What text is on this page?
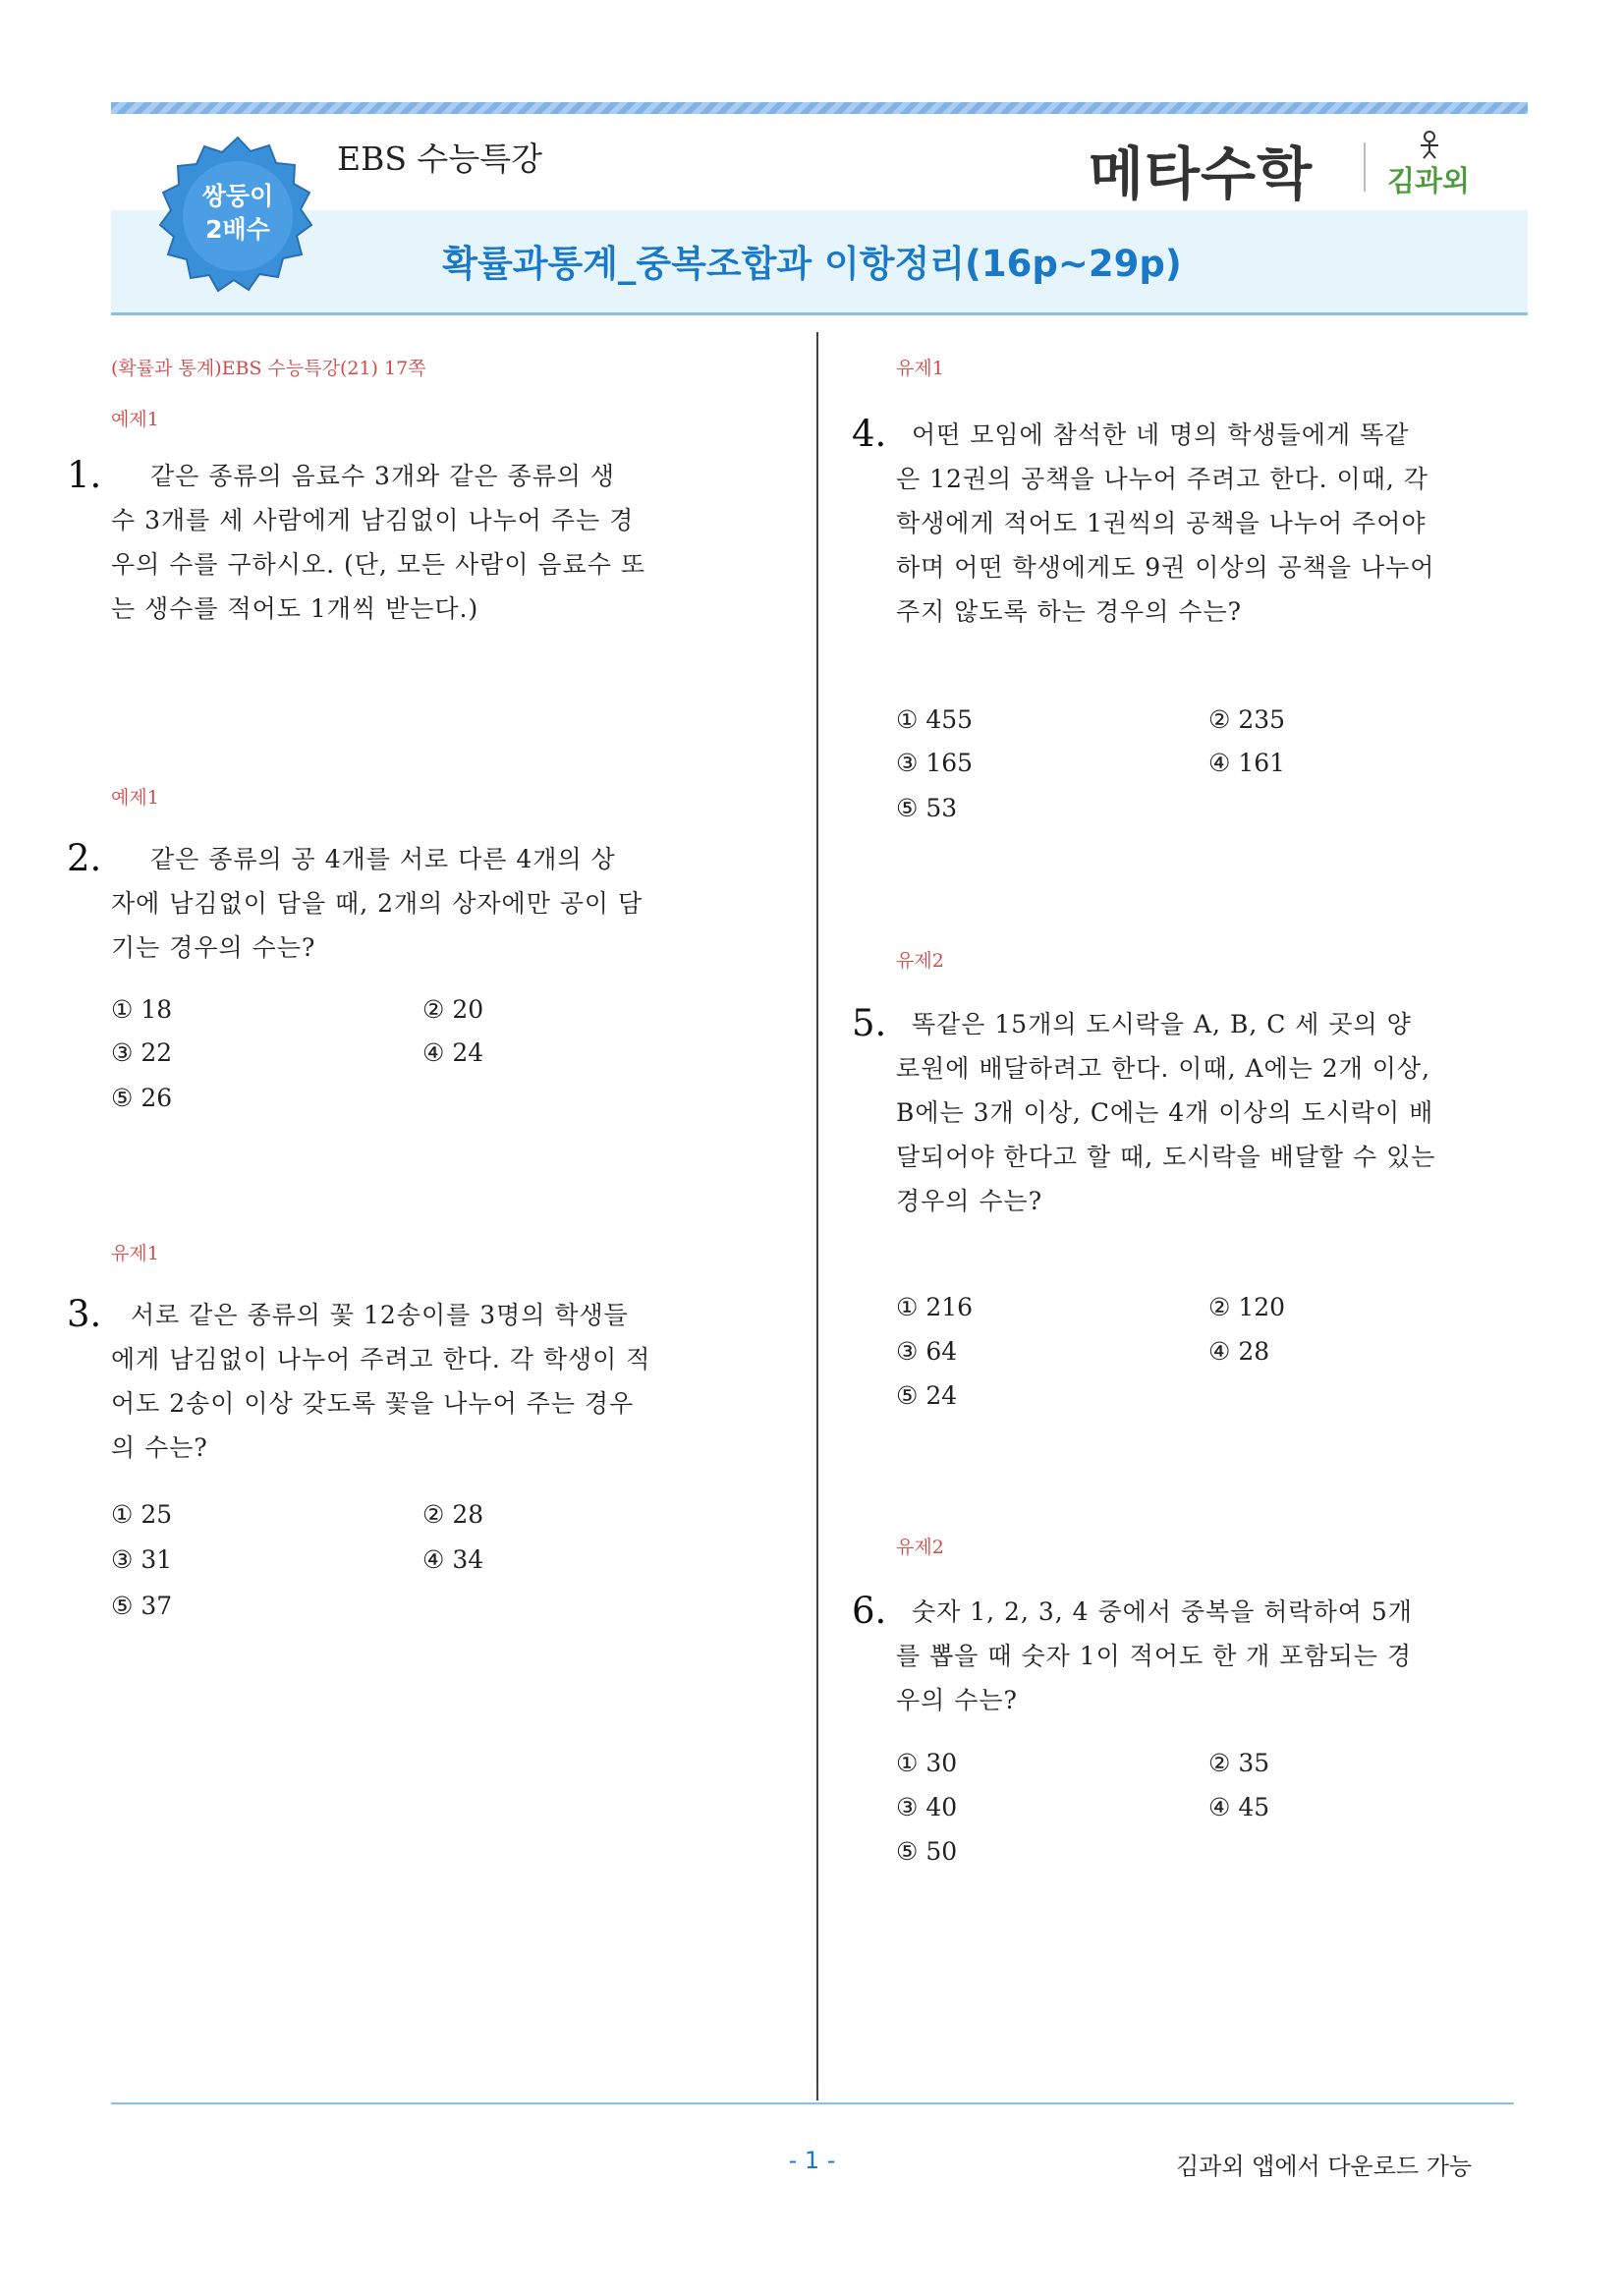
쌍둥이
2배수
EBS 수능특강
확률과통계_중복조합과 이항정리(16p~29p)
메타수학	김과외
(확률과 통계)EBS 수능특강(21) 17쪽
예제1
1.	같은 종류의 음료수 3개와 같은 종류의 생
수 3개를 세 사람에게 남김없이 나누어 주는 경
우의 수를 구하시오. (단, 모든 사람이 음료수 또
는 생수를 적어도 1개씩 받는다.)
예제1
2.	같은 종류의 공 4개를 서로 다른 4개의 상
자에 남김없이 담을 때, 2개의 상자에만 공이 담
기는 경우의 수는?
① 18	② 20
③ 22	④ 24
⑤ 26
유제1
3.	서로 같은 종류의 꽃 12송이를 3명의 학생들
에게 남김없이 나누어 주려고 한다. 각 학생이 적
어도 2송이 이상 갖도록 꽃을 나누어 주는 경우
의 수는?
① 25	② 28
③ 31	④ 34
⑤ 37
유제1
4.	어떤 모임에 참석한 네 명의 학생들에게 똑같
은 12권의 공책을 나누어 주려고 한다. 이때, 각
학생에게 적어도 1권씩의 공책을 나누어 주어야
하며 어떤 학생에게도 9권 이상의 공책을 나누어
주지 않도록 하는 경우의 수는?
① 455	② 235
③ 165	④ 161
⑤ 53
유제2
5.	똑같은 15개의 도시락을 A, B, C 세 곳의 양
로원에 배달하려고 한다. 이때, A에는 2개 이상,
B에는 3개 이상, C에는 4개 이상의 도시락이 배
달되어야 한다고 할 때, 도시락을 배달할 수 있는
경우의 수는?
① 216	② 120
③ 64	④ 28
⑤ 24
유제2
6.	숫자 1, 2, 3, 4 중에서 중복을 허락하여 5개
를 뽑을 때 숫자 1이 적어도 한 개 포함되는 경
우의 수는?
① 30	② 35
③ 40	④ 45
⑤ 50
- 1 -	김과외 앱에서 다운로드 가능
